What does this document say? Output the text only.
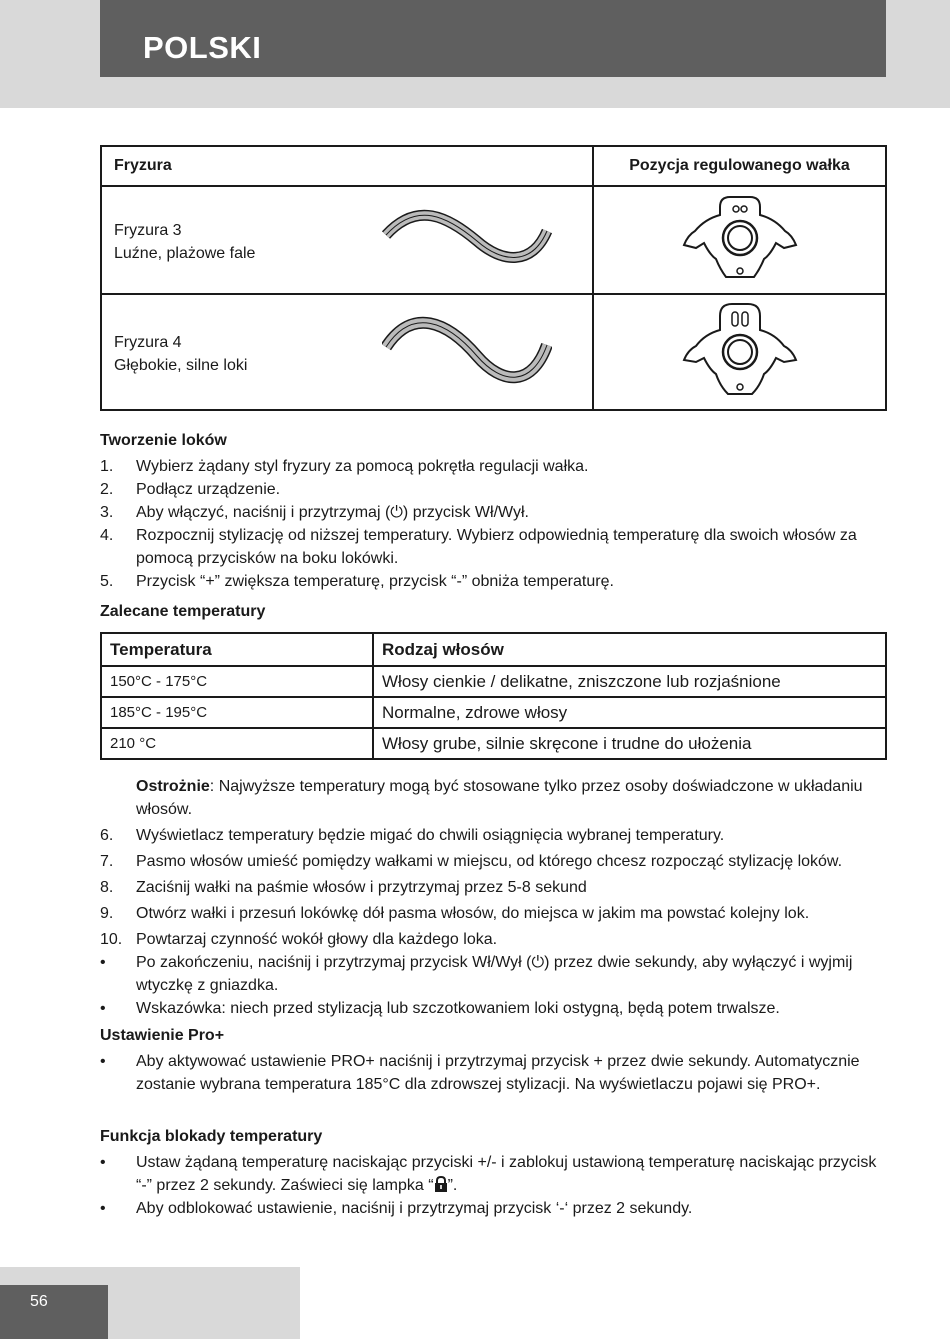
POLSKI
Fryzura	Pozycja regulowanego wałka

Fryzura 3
Luźne, plażowe fale

Fryzura 4
Głębokie, silne loki

Tworzenie loków
1. Wybierz żądany styl fryzury za pomocą pokrętła regulacji wałka.
2. Podłącz urządzenie.
3. Aby włączyć, naciśnij i przytrzymaj (⏻) przycisk Wł/Wył.
4. Rozpocznij stylizację od niższej temperatury. Wybierz odpowiednią temperaturę dla swoich włosów za pomocą przycisków na boku lokówki.
5. Przycisk “+” zwiększa temperaturę, przycisk “-” obniża temperaturę.
Zalecane temperatury
Temperatura	Rodzaj włosów
150°C - 175°C	Włosy cienkie / delikatne, zniszczone lub rozjaśnione
185°C - 195°C	Normalne, zdrowe włosy
210 °C	Włosy grube, silnie skręcone i trudne do ułożenia
Ostrożnie: Najwyższe temperatury mogą być stosowane tylko przez osoby doświadczone w układaniu włosów.
6. Wyświetlacz temperatury będzie migać do chwili osiągnięcia wybranej temperatury.
7. Pasmo włosów umieść pomiędzy wałkami w miejscu, od którego chcesz rozpocząć stylizację loków.
8. Zaciśnij wałki na paśmie włosów i przytrzymaj przez 5-8 sekund
9. Otwórz wałki i przesuń lokówkę dół pasma włosów, do miejsca w jakim ma powstać kolejny lok.
10. Powtarzaj czynność wokół głowy dla każdego loka.
• Po zakończeniu, naciśnij i przytrzymaj przycisk Wł/Wył (⏻) przez dwie sekundy, aby wyłączyć i wyjmij wtyczkę z gniazdka.
• Wskazówka: niech przed stylizacją lub szczotkowaniem loki ostygną, będą potem trwalsze.
Ustawienie Pro+
• Aby aktywować ustawienie PRO+ naciśnij i przytrzymaj przycisk + przez dwie sekundy. Automatycznie zostanie wybrana temperatura 185°C dla zdrowszej stylizacji. Na wyświetlaczu pojawi się PRO+.
Funkcja blokady temperatury
• Ustaw żądaną temperaturę naciskając przyciski +/- i zablokuj ustawioną temperaturę naciskając przycisk “-” przez 2 sekundy. Zaświeci się lampka “ ”.
• Aby odblokować ustawienie, naciśnij i przytrzymaj przycisk ‘-‘ przez 2 sekundy.
56
